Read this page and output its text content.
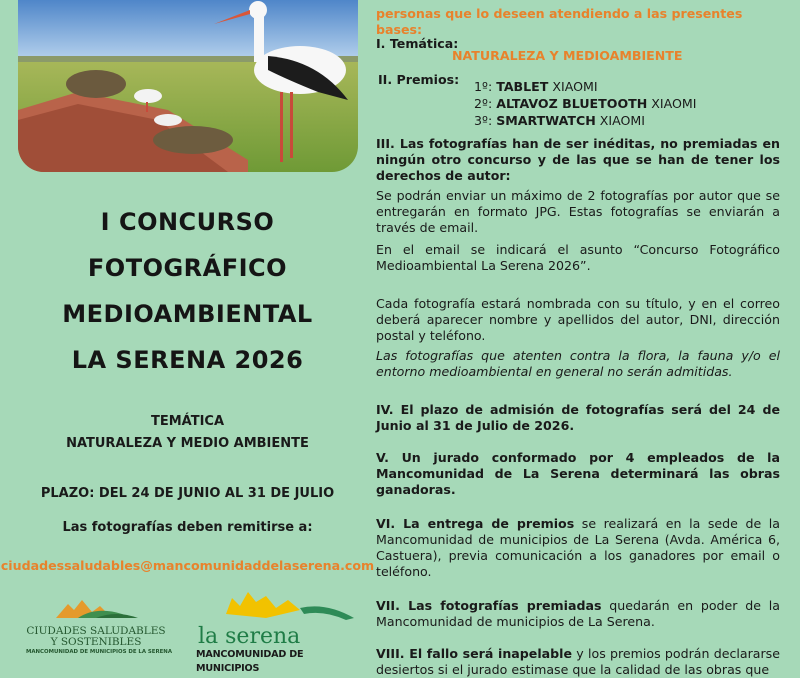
I CONCURSO
FOTOGRÁFICO
MEDIOAMBIENTAL
LA SERENA 2026
TEMÁTICA
NATURALEZA Y MEDIO AMBIENTE
PLAZO: DEL 24 DE JUNIO AL 31 DE JULIO
Las fotografías deben remitirse a:
ciudadessaludables@mancomunidaddelaserena.com
CIUDADES SALUDABLES
Y SOSTENIBLES
MANCOMUNIDAD DE MUNICIPIOS DE LA SERENA
la serena
MANCOMUNIDAD DE MUNICIPIOS
personas que lo deseen atendiendo a las presentes bases:
I. Temática:
NATURALEZA Y MEDIOAMBIENTE
II. Premios:	1º: TABLET XIAOMI
2º: ALTAVOZ BLUETOOTH XIAOMI
3º: SMARTWATCH XIAOMI
III. Las fotografías han de ser inéditas, no premiadas en ningún otro concurso y de las que se han de tener los derechos de autor:
Se podrán enviar un máximo de 2 fotografías por autor que se entregarán en formato JPG. Estas fotografías se enviarán a través de email.
En el email se indicará el asunto “Concurso Fotográfico Medioambiental La Serena 2026”.
Cada fotografía estará nombrada con su título, y en el correo deberá aparecer nombre y apellidos del autor, DNI, dirección postal y teléfono.
Las fotografías que atenten contra la flora, la fauna y/o el entorno medioambiental en general no serán admitidas.
IV. El plazo de admisión de fotografías será del 24 de Junio al 31 de Julio de 2026.
V. Un jurado conformado por 4 empleados de la Mancomunidad de La Serena determinará las obras ganadoras.
VI. La entrega de premios se realizará en la sede de la Mancomunidad de municipios de La Serena (Avda. América 6, Castuera), previa comunicación a los ganadores por email o teléfono.
VII. Las fotografías premiadas quedarán en poder de la Mancomunidad de municipios de La Serena.
VIII. El fallo será inapelable y los premios podrán declararse desiertos si el jurado estimase que la calidad de las obras que
